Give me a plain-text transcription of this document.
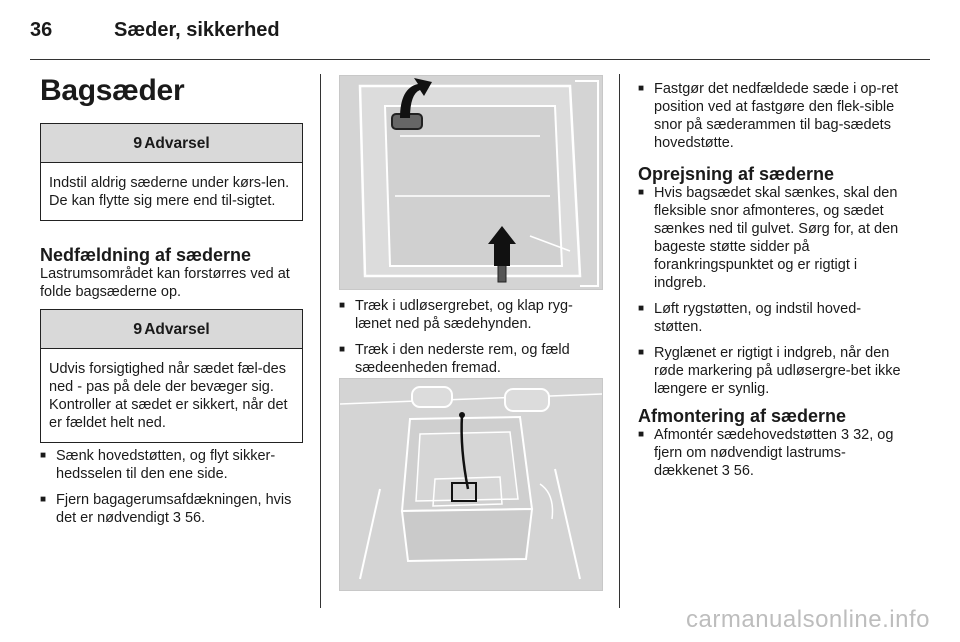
36	Sæder, sikkerhed
Bagsæder
9 Advarsel
Indstil aldrig sæderne under kørs-len. De kan flytte sig mere end til-sigtet.
Nedfældning af sæderne
Lastrumsområdet kan forstørres ved at folde bagsæderne op.
9 Advarsel
Udvis forsigtighed når sædet fæl-des ned - pas på dele der bevæger sig. Kontroller at sædet er sikkert, når det er fældet helt ned.
■ Sænk hovedstøtten, og flyt sikker-hedsselen til den ene side.
■ Fjern bagagerumsafdækningen, hvis det er nødvendigt 3 56.
■ Træk i udløsergrebet, og klap ryg-lænet ned på sædehynden.
■ Træk i den nederste rem, og fæld sædeenheden fremad.
■ Fastgør det nedfældede sæde i op-ret position ved at fastgøre den flek-sible snor på sæderammen til bag-sædets hovedstøtte.
Oprejsning af sæderne
■ Hvis bagsædet skal sænkes, skal den fleksible snor afmonteres, og sædet sænkes ned til gulvet. Sørg for, at den bageste støtte sidder på forankringspunktet og er rigtigt i indgreb.
■ Løft rygstøtten, og indstil hoved-støtten.
■ Ryglænet er rigtigt i indgreb, når den røde markering på udløsergre-bet ikke længere er synlig.
Afmontering af sæderne
■ Afmontér sædehovedstøtten 3 32, og fjern om nødvendigt lastrums-dækkenet 3 56.
carmanualsonline.info
